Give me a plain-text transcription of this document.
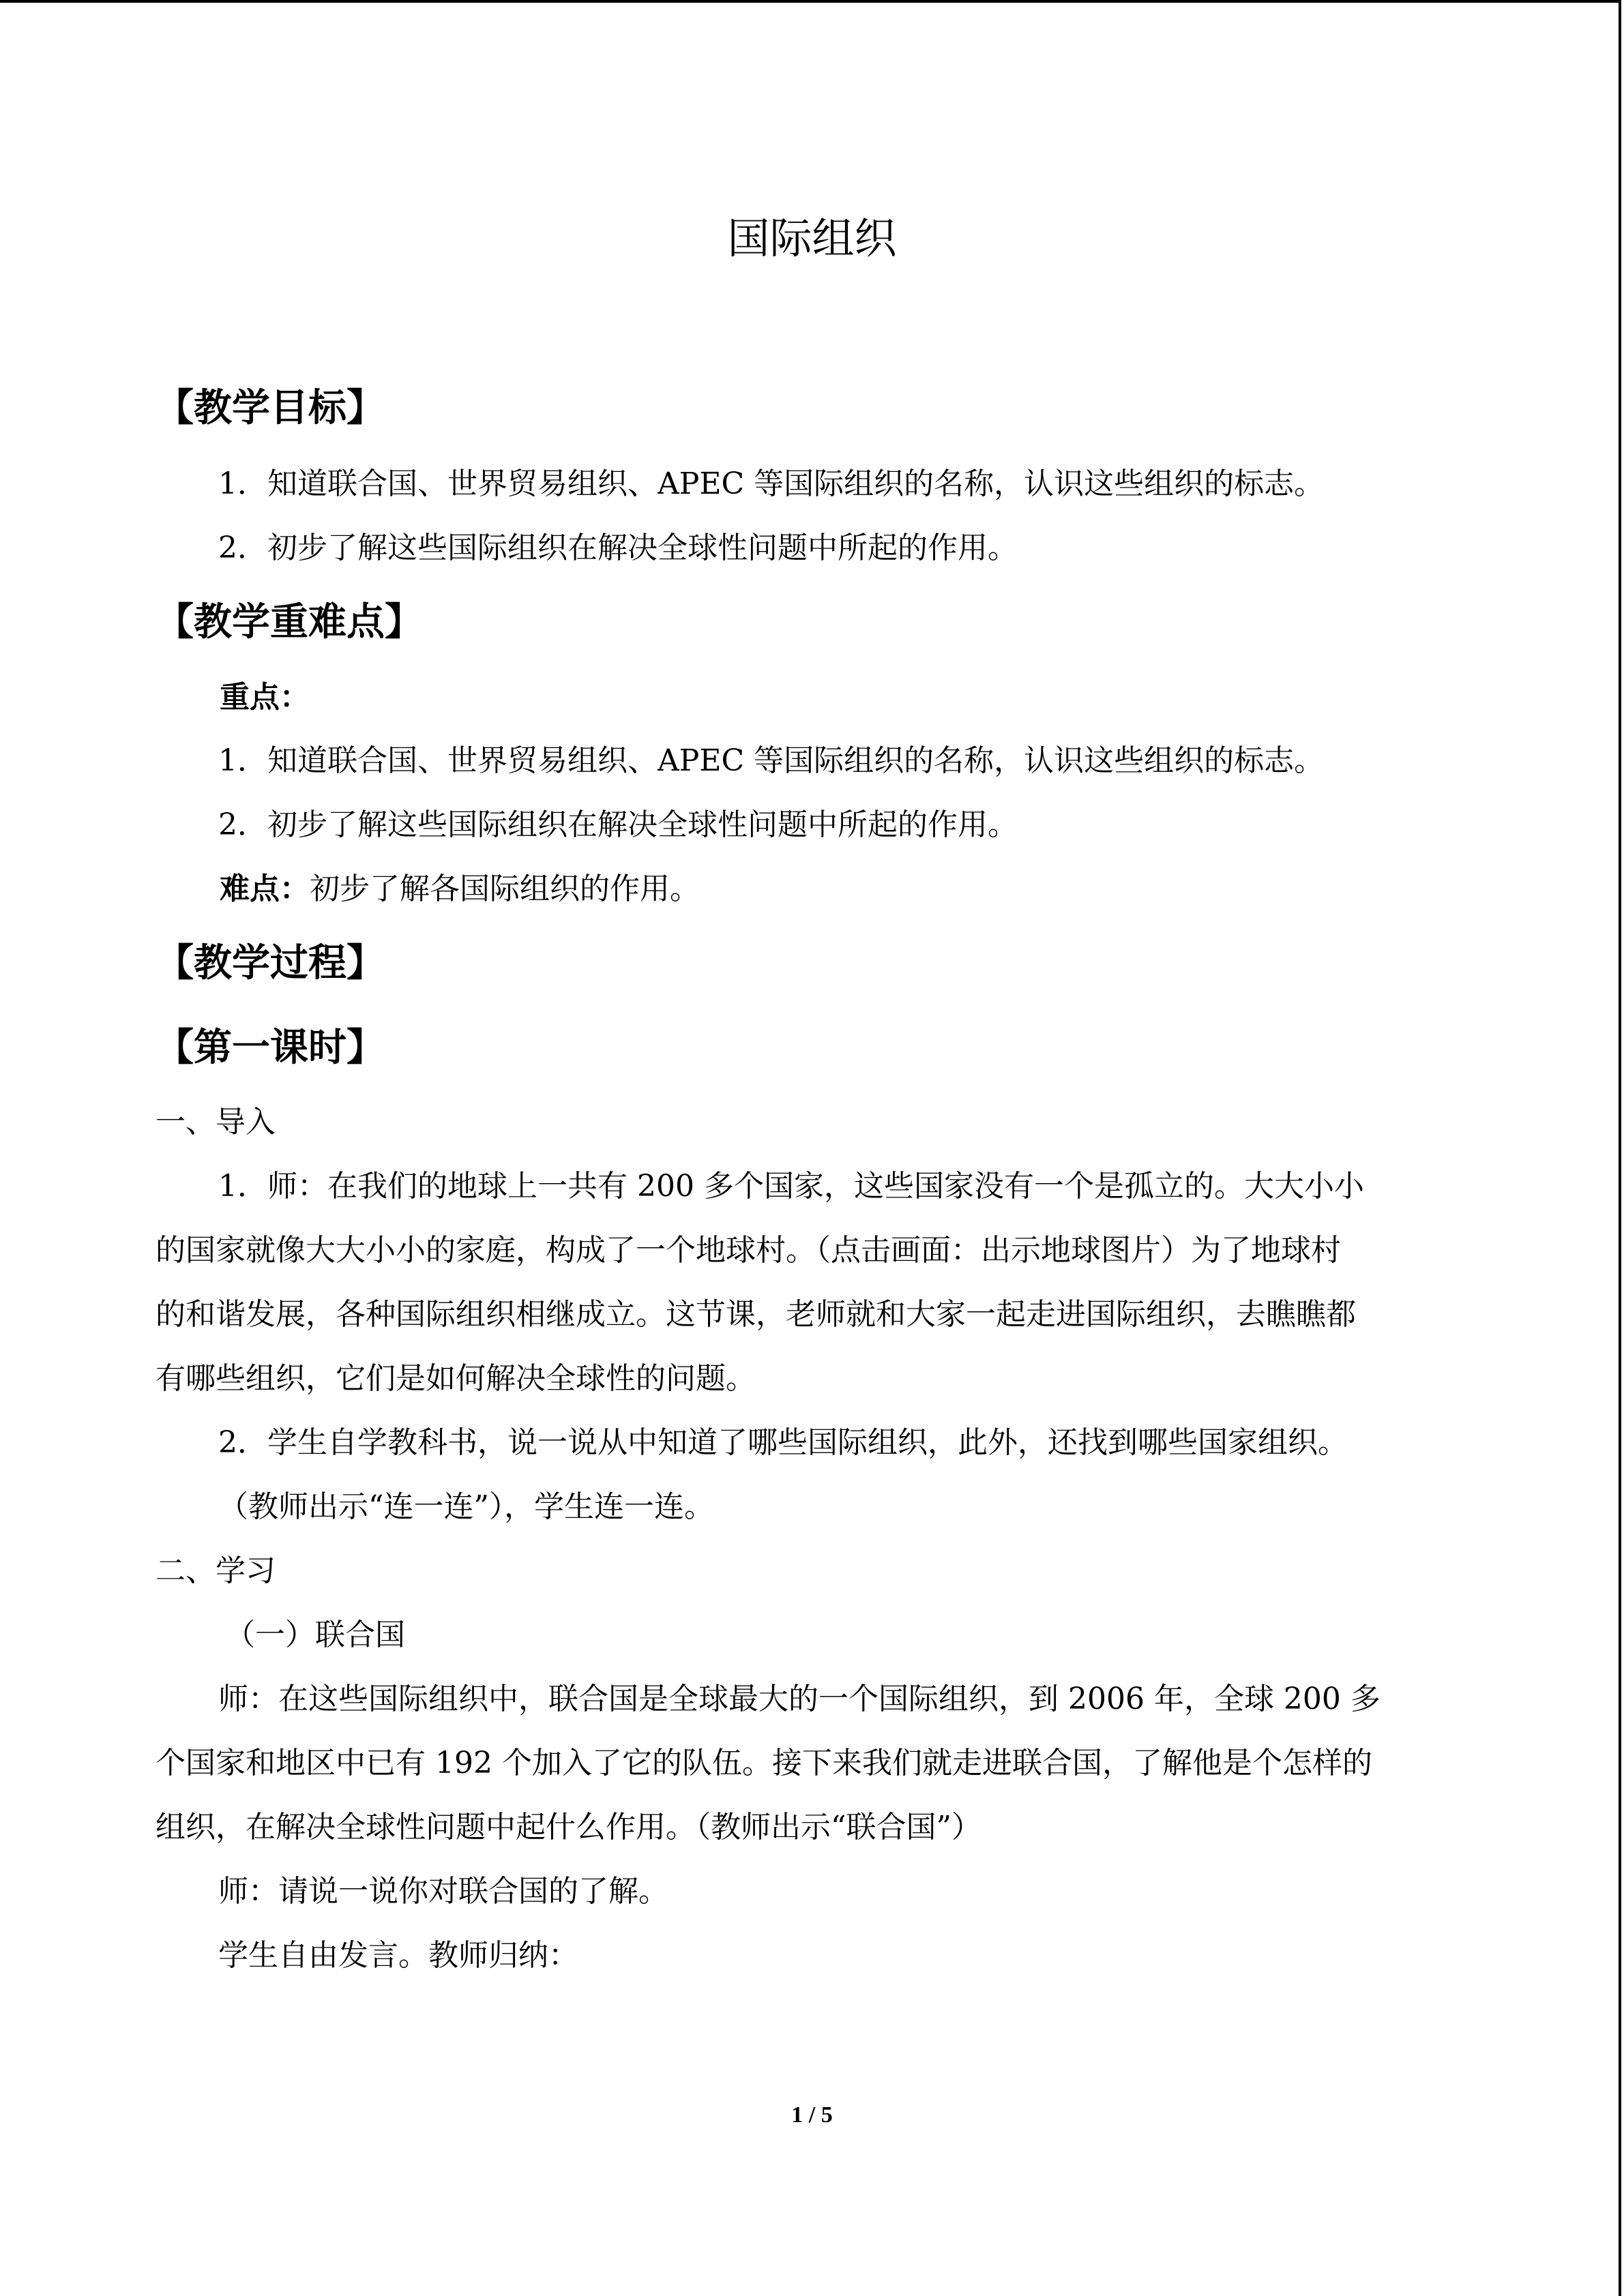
国际组织
【教学目标】
1．知道联合国、世界贸易组织、APEC 等国际组织的名称，认识这些组织的标志。
2．初步了解这些国际组织在解决全球性问题中所起的作用。
【教学重难点】
重点：
1．知道联合国、世界贸易组织、APEC 等国际组织的名称，认识这些组织的标志。
2．初步了解这些国际组织在解决全球性问题中所起的作用。
难点：初步了解各国际组织的作用。
【教学过程】
【第一课时】
一、导入
1．师：在我们的地球上一共有 200 多个国家，这些国家没有一个是孤立的。大大小小
的国家就像大大小小的家庭，构成了一个地球村。（点击画面：出示地球图片）为了地球村
的和谐发展，各种国际组织相继成立。这节课，老师就和大家一起走进国际组织，去瞧瞧都
有哪些组织，它们是如何解决全球性的问题。
2．学生自学教科书，说一说从中知道了哪些国际组织，此外，还找到哪些国家组织。
（教师出示“连一连”），学生连一连。
二、学习
（一）联合国
师：在这些国际组织中，联合国是全球最大的一个国际组织，到 2006 年，全球 200 多
个国家和地区中已有 192 个加入了它的队伍。接下来我们就走进联合国，了解他是个怎样的
组织，在解决全球性问题中起什么作用。（教师出示“联合国”）
师：请说一说你对联合国的了解。
学生自由发言。教师归纳：
1 / 5
